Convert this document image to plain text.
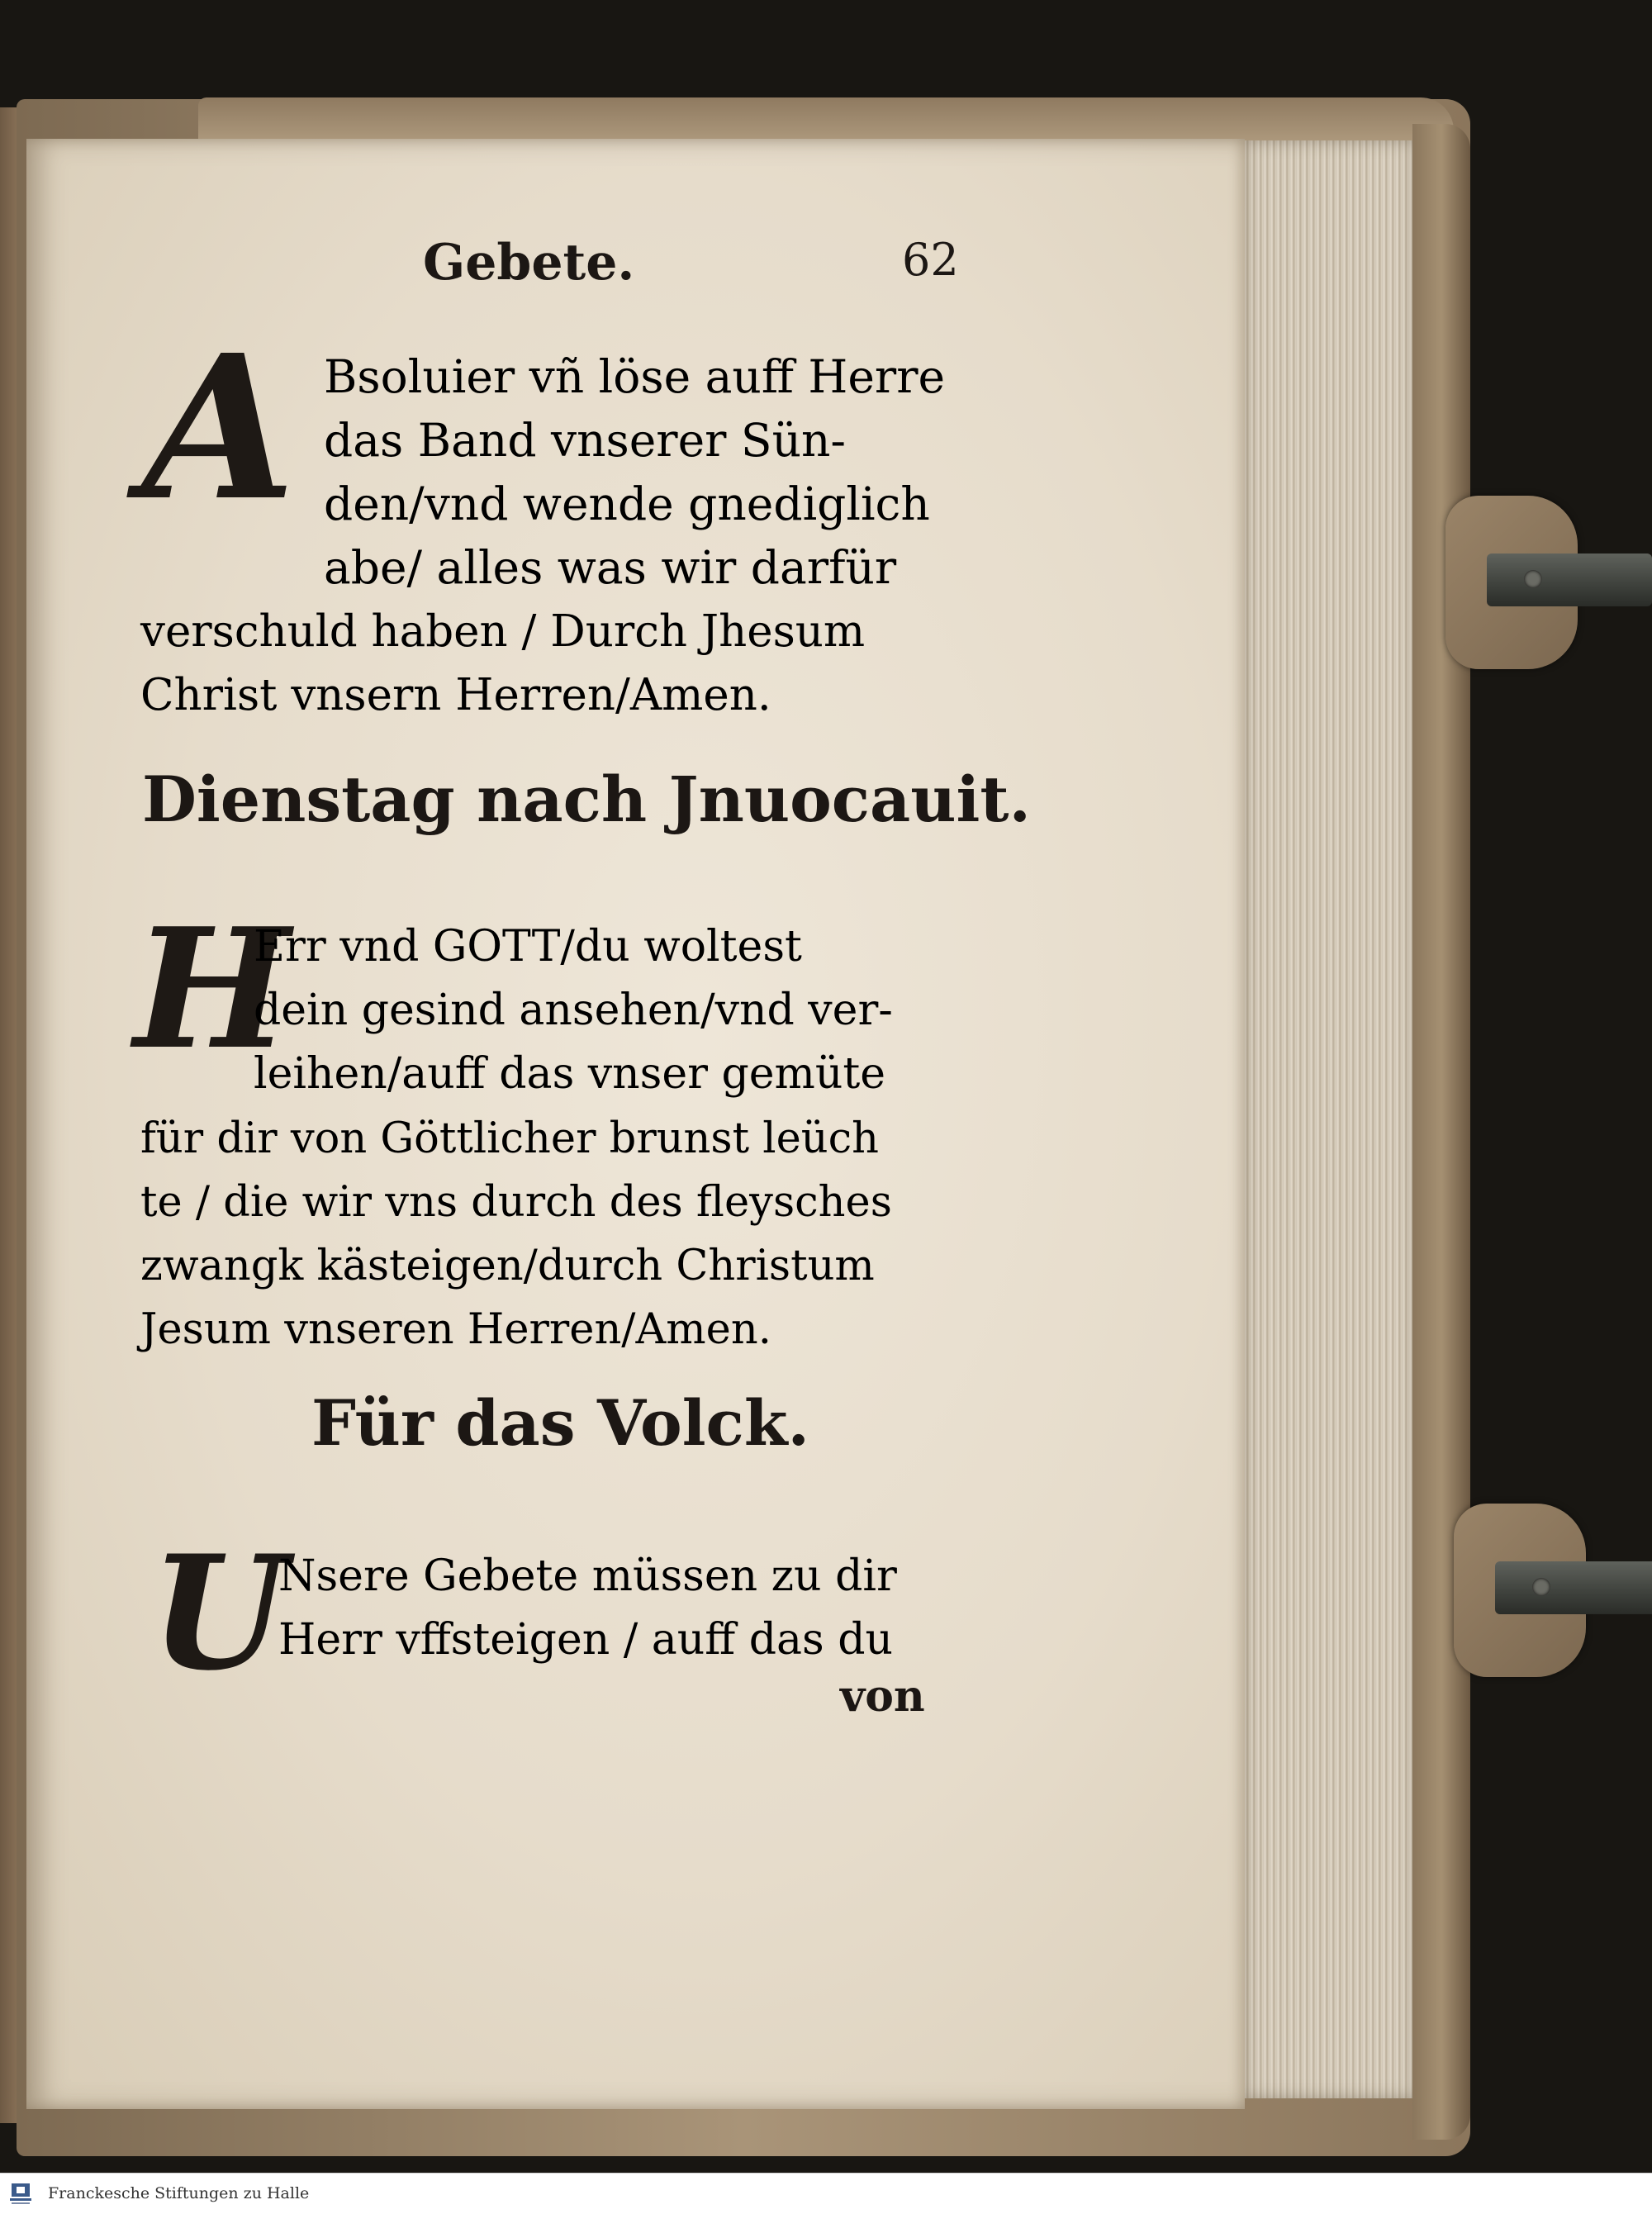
Gebete.	62
A Bsoluier vñ löse auff Herre
das Band vnserer Sün-
den/vnd wende gnediglich
abe/ alles was wir darfür
verschuld haben / Durch Jhesum
Christ vnsern Herren/Amen.
Dienstag nach Jnuocauit.
H
Err vnd GOTT/du woltest
dein gesind ansehen/vnd ver-
leihen/auff das vnser gemüte
für dir von Göttlicher brunst leüch
te / die wir vns durch des fleysches
zwangk kästeigen/durch Christum
Jesum vnseren Herren/Amen.
Für das Volck.
U
Nsere Gebete müssen zu dir
Herr vffsteigen / auff das du
von
Franckesche Stiftungen zu Halle
